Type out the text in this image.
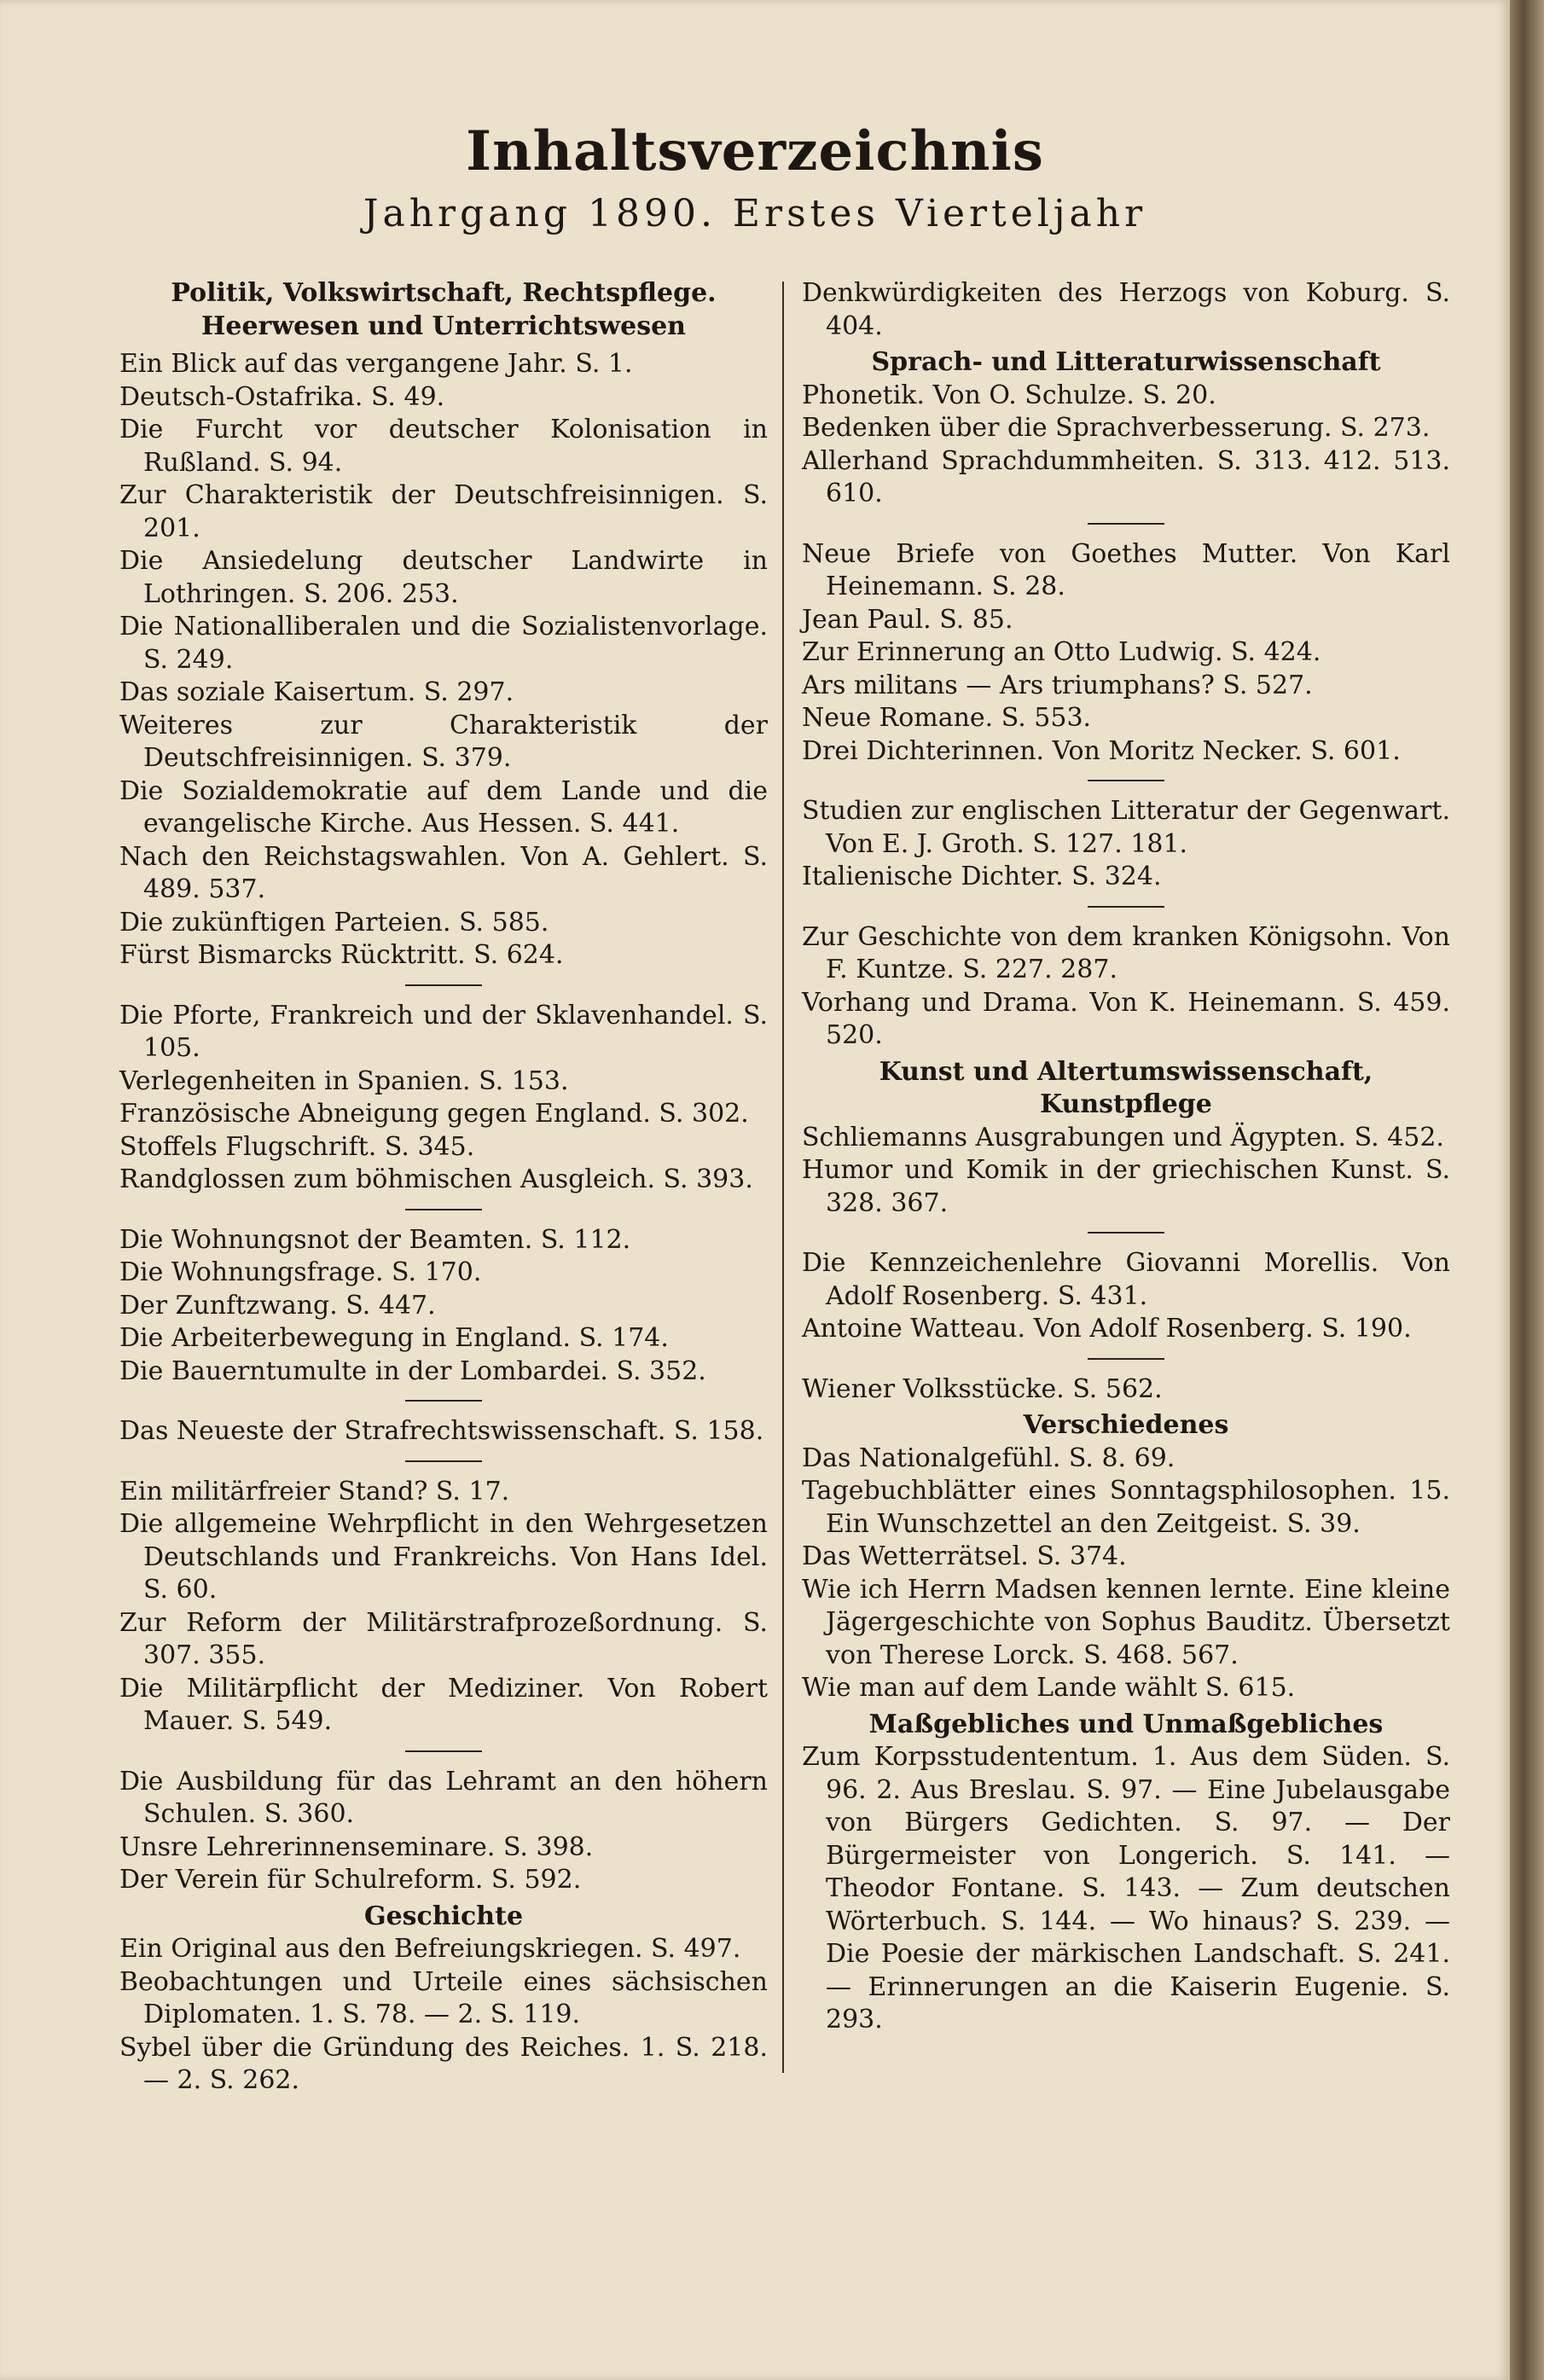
Inhaltsverzeichnis
Jahrgang 1890. Erstes Vierteljahr
Politik, Volkswirtschaft, Rechtspflege.
Heerwesen und Unterrichtswesen
Ein Blick auf das vergangene Jahr. S. 1.
Deutsch-Ostafrika. S. 49.
Die Furcht vor deutscher Kolonisation in Rußland. S. 94.
Zur Charakteristik der Deutschfreisinnigen. S. 201.
Die Ansiedelung deutscher Landwirte in Lothringen. S. 206. 253.
Die Nationalliberalen und die Sozialistenvorlage. S. 249.
Das soziale Kaisertum. S. 297.
Weiteres zur Charakteristik der Deutschfreisinnigen. S. 379.
Die Sozialdemokratie auf dem Lande und die evangelische Kirche. Aus Hessen. S. 441.
Nach den Reichstagswahlen. Von A. Gehlert. S. 489. 537.
Die zukünftigen Parteien. S. 585.
Fürst Bismarcks Rücktritt. S. 624.
Die Pforte, Frankreich und der Sklavenhandel. S. 105.
Verlegenheiten in Spanien. S. 153.
Französische Abneigung gegen England. S. 302.
Stoffels Flugschrift. S. 345.
Randglossen zum böhmischen Ausgleich. S. 393.
Die Wohnungsnot der Beamten. S. 112.
Die Wohnungsfrage. S. 170.
Der Zunftzwang. S. 447.
Die Arbeiterbewegung in England. S. 174.
Die Bauerntumulte in der Lombardei. S. 352.
Das Neueste der Strafrechtswissenschaft. S. 158.
Ein militärfreier Stand? S. 17.
Die allgemeine Wehrpflicht in den Wehrgesetzen Deutschlands und Frankreichs. Von Hans Idel. S. 60.
Zur Reform der Militärstrafprozeßordnung. S. 307. 355.
Die Militärpflicht der Mediziner. Von Robert Mauer. S. 549.
Die Ausbildung für das Lehramt an den höhern Schulen. S. 360.
Unsre Lehrerinnenseminare. S. 398.
Der Verein für Schulreform. S. 592.
Geschichte
Ein Original aus den Befreiungskriegen. S. 497.
Beobachtungen und Urteile eines sächsischen Diplomaten. 1. S. 78. — 2. S. 119.
Sybel über die Gründung des Reiches. 1. S. 218. — 2. S. 262.
Denkwürdigkeiten des Herzogs von Koburg. S. 404.
Sprach- und Litteraturwissenschaft
Phonetik. Von O. Schulze. S. 20.
Bedenken über die Sprachverbesserung. S. 273.
Allerhand Sprachdummheiten. S. 313. 412. 513. 610.
Neue Briefe von Goethes Mutter. Von Karl Heinemann. S. 28.
Jean Paul. S. 85.
Zur Erinnerung an Otto Ludwig. S. 424.
Ars militans — Ars triumphans? S. 527.
Neue Romane. S. 553.
Drei Dichterinnen. Von Moritz Necker. S. 601.
Studien zur englischen Litteratur der Gegenwart. Von E. J. Groth. S. 127. 181.
Italienische Dichter. S. 324.
Zur Geschichte von dem kranken Königsohn. Von F. Kuntze. S. 227. 287.
Vorhang und Drama. Von K. Heinemann. S. 459. 520.
Kunst und Altertumswissenschaft, Kunstpflege
Schliemanns Ausgrabungen und Ägypten. S. 452.
Humor und Komik in der griechischen Kunst. S. 328. 367.
Die Kennzeichenlehre Giovanni Morellis. Von Adolf Rosenberg. S. 431.
Antoine Watteau. Von Adolf Rosenberg. S. 190.
Wiener Volksstücke. S. 562.
Verschiedenes
Das Nationalgefühl. S. 8. 69.
Tagebuchblätter eines Sonntagsphilosophen. 15. Ein Wunschzettel an den Zeitgeist. S. 39.
Das Wetterrätsel. S. 374.
Wie ich Herrn Madsen kennen lernte. Eine kleine Jägergeschichte von Sophus Bauditz. Übersetzt von Therese Lorck. S. 468. 567.
Wie man auf dem Lande wählt S. 615.
Maßgebliches und Unmaßgebliches
Zum Korpsstudententum. 1. Aus dem Süden. S. 96. 2. Aus Breslau. S. 97. — Eine Jubelausgabe von Bürgers Gedichten. S. 97. — Der Bürgermeister von Longerich. S. 141. — Theodor Fontane. S. 143. — Zum deutschen Wörterbuch. S. 144. — Wo hinaus? S. 239. — Die Poesie der märkischen Landschaft. S. 241. — Erinnerungen an die Kaiserin Eugenie. S. 293.
